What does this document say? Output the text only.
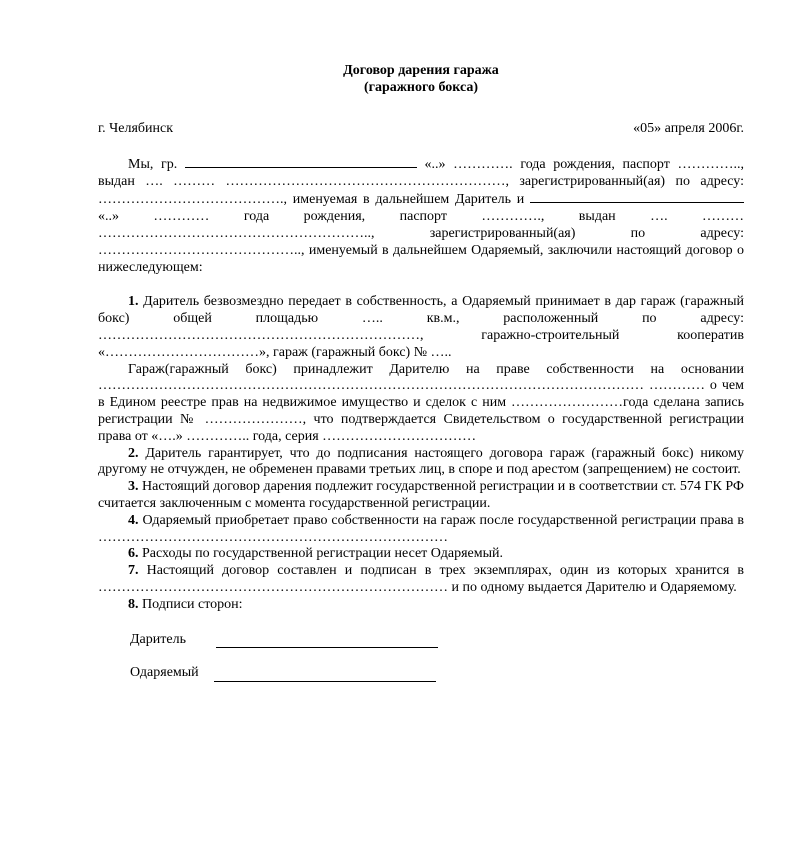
Договор дарения гаража
(гаражного бокса)
г. Челябинск	«05» апреля 2006г.

Мы, гр.	«..» …………. года рождения, паспорт ………….., выдан …. ……… ……………………………………………………, зарегистрированный(ая) по адресу: …………………………………., именуемая в дальнейшем Даритель и  «..» ………… года рождения, паспорт …………., выдан …. ……… ………………………………………………….., зарегистрированный(ая) по адресу: …………………………………….., именуемый в дальнейшем Одаряемый, заключили настоящий договор о нижеследующем:

1. Даритель безвозмездно передает в собственность, а Одаряемый принимает в дар гараж (гаражный бокс) общей площадью ….. кв.м., расположенный по адресу: ……………………………………………………………, гаражно-строительный кооператив «……………………………», гараж (гаражный бокс) № …..

Гараж(гаражный бокс) принадлежит Дарителю на праве собственности на основании ……………………………………………………………………………………………………… ………… о чем в Едином реестре прав на недвижимое имущество и сделок с ним ……………………года сделана запись регистрации № …………………, что подтверждается Свидетельством о государственной регистрации права от «….» ………….. года, серия ……………………………

2. Даритель гарантирует, что до подписания настоящего договора гараж (гаражный бокс) никому другому не отчужден, не обременен правами третьих лиц, в споре и под арестом (запрещением) не состоит.

3. Настоящий договор дарения подлежит государственной регистрации и в соответствии ст. 574 ГК РФ считается заключенным с момента государственной регистрации.

4. Одаряемый приобретает право собственности на гараж после государственной регистрации права в …………………………………………………………………

6. Расходы по государственной регистрации несет Одаряемый.

7. Настоящий договор составлен и подписан в трех экземплярах, один из которых хранится в ………………………………………………………………… и по одному выдается Дарителю и Одаряемому.

8. Подписи сторон:

Даритель
Одаряемый
